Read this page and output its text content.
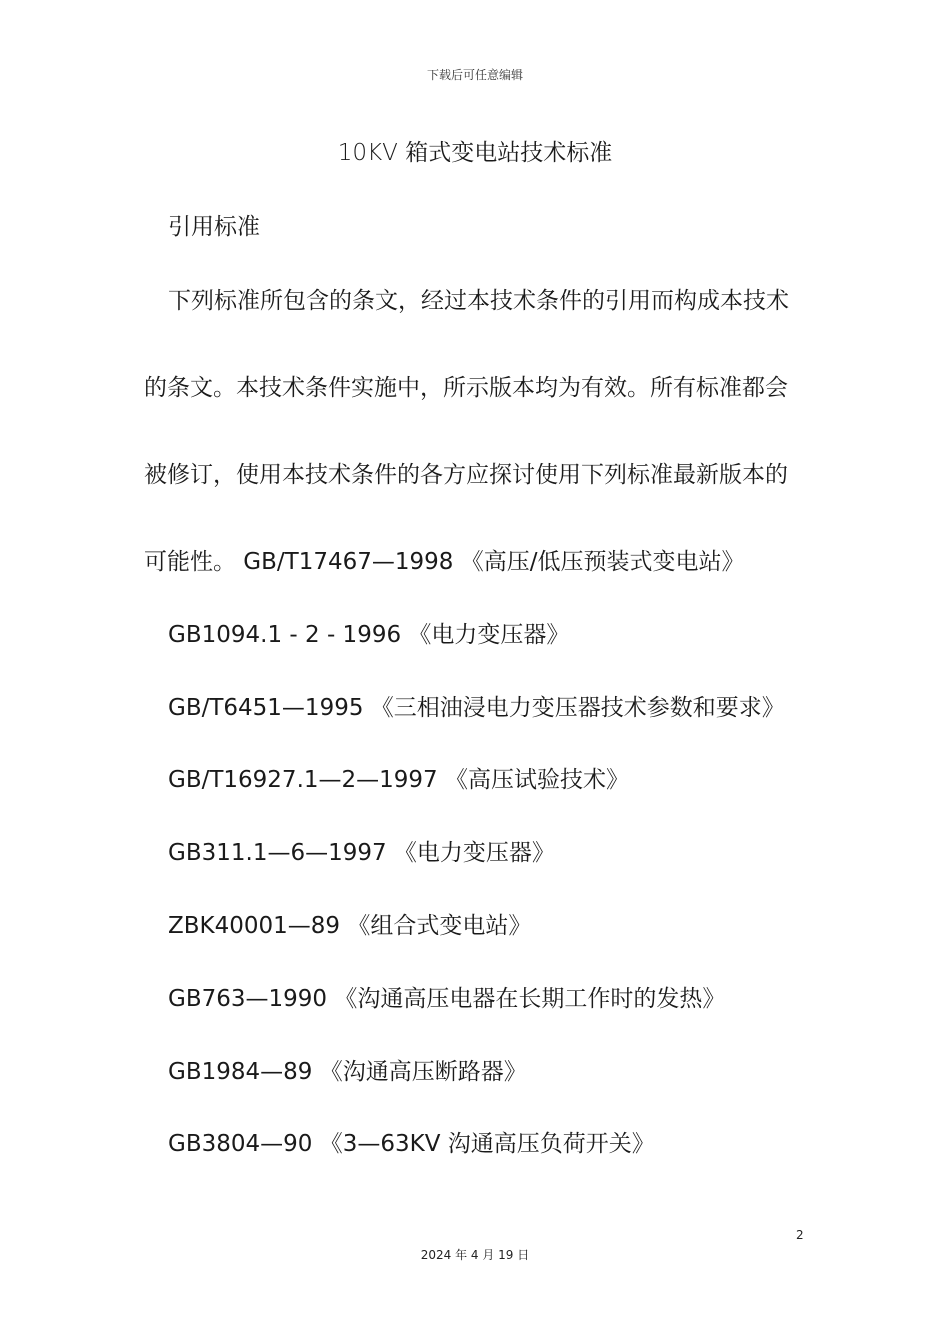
下载后可任意编辑
10KV 箱式变电站技术标准
引用标准
下列标准所包含的条文，经过本技术条件的引用而构成本技术
的条文。本技术条件实施中，所示版本均为有效。所有标准都会
被修订，使用本技术条件的各方应探讨使用下列标准最新版本的
可能性。 GB/T17467—1998 《高压/低压预装式变电站》
GB1094.1 - 2 - 1996 《电力变压器》
GB/T6451—1995 《三相油浸电力变压器技术参数和要求》
GB/T16927.1—2—1997 《高压试验技术》
GB311.1—6—1997 《电力变压器》
ZBK40001—89 《组合式变电站》
GB763—1990 《沟通高压电器在长期工作时的发热》
GB1984—89 《沟通高压断路器》
GB3804—90 《3—63KV 沟通高压负荷开关》
2
2024 年 4 月 19 日
